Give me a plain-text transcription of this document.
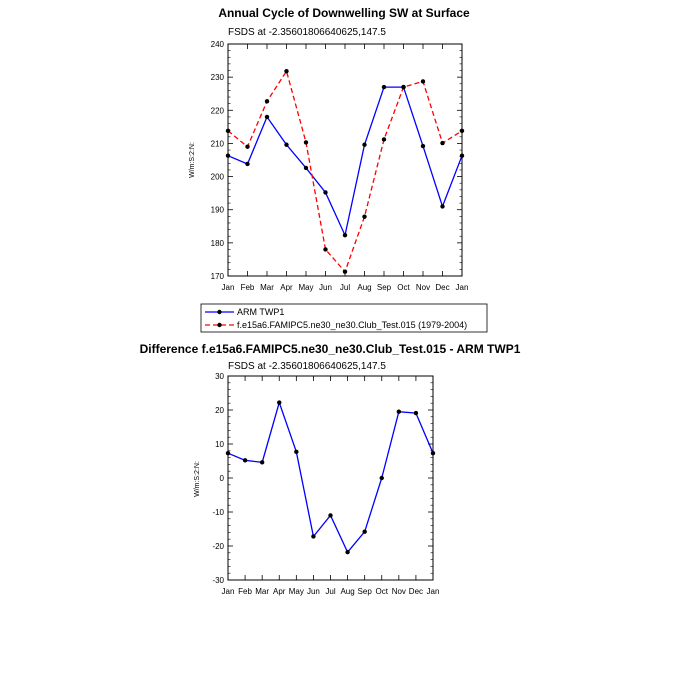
Annual Cycle of Downwelling SW at Surface
FSDS at -2.35601806640625,147.5
W/m:S:2:N:
170
180
190
200
210
220
230
240
Jan Feb Mar Apr May Jun Jul Aug Sep Oct Nov Dec Jan
ARM TWP1
f.e15a6.FAMIPC5.ne30_ne30.Club_Test.015 (1979-2004)
Difference f.e15a6.FAMIPC5.ne30_ne30.Club_Test.015 - ARM TWP1
FSDS at -2.35601806640625,147.5
W/m:S:2:N:
-30
-20
-10
0
10
20
30
Jan Feb Mar Apr May Jun Jul Aug Sep Oct Nov Dec Jan
